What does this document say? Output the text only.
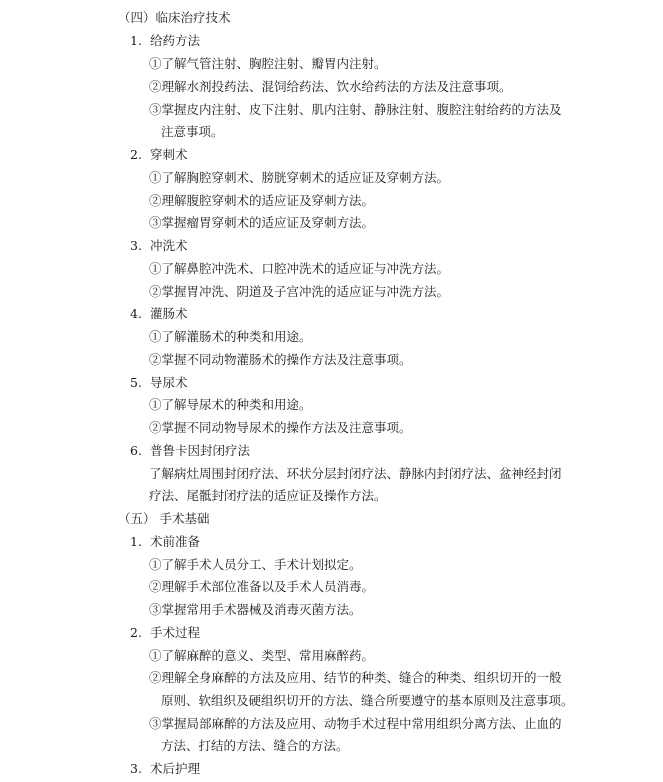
（四）临床治疗技术
1. 给药方法
①了解气管注射、胸腔注射、瓣胃内注射。
②理解水剂投药法、混饲给药法、饮水给药法的方法及注意事项。
③掌握皮内注射、皮下注射、肌内注射、静脉注射、腹腔注射给药的方法及
注意事项。
2. 穿刺术
①了解胸腔穿刺术、膀胱穿刺术的适应证及穿刺方法。
②理解腹腔穿刺术的适应证及穿刺方法。
③掌握瘤胃穿刺术的适应证及穿刺方法。
3. 冲洗术
①了解鼻腔冲洗术、口腔冲洗术的适应证与冲洗方法。
②掌握胃冲洗、阴道及子宫冲洗的适应证与冲洗方法。
4. 灌肠术
①了解灌肠术的种类和用途。
②掌握不同动物灌肠术的操作方法及注意事项。
5. 导尿术
①了解导尿术的种类和用途。
②掌握不同动物导尿术的操作方法及注意事项。
6. 普鲁卡因封闭疗法
了解病灶周围封闭疗法、环状分层封闭疗法、静脉内封闭疗法、盆神经封闭
疗法、尾骶封闭疗法的适应证及操作方法。
（五） 手术基础
1. 术前准备
①了解手术人员分工、手术计划拟定。
②理解手术部位准备以及手术人员消毒。
③掌握常用手术器械及消毒灭菌方法。
2. 手术过程
①了解麻醉的意义、类型、常用麻醉药。
②理解全身麻醉的方法及应用、结节的种类、缝合的种类、组织切开的一般
原则、软组织及硬组织切开的方法、缝合所要遵守的基本原则及注意事项。
③掌握局部麻醉的方法及应用、动物手术过程中常用组织分离方法、止血的
方法、打结的方法、缝合的方法。
3. 术后护理
